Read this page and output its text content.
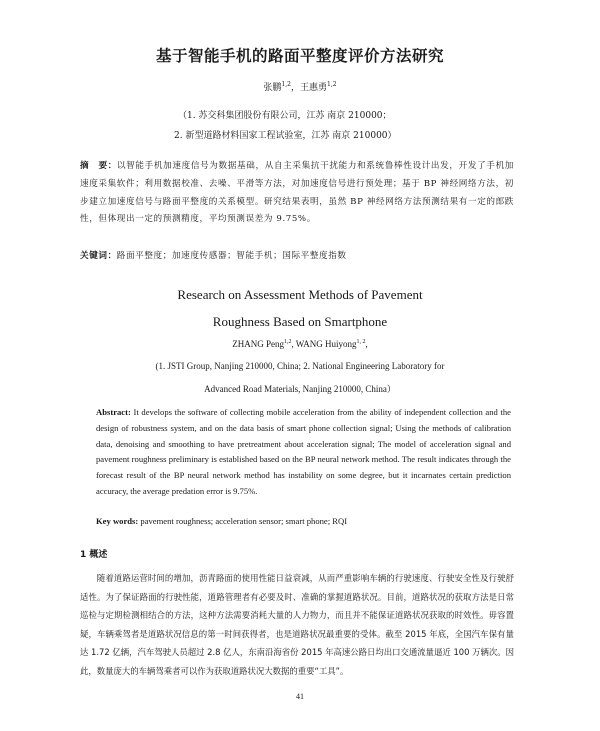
基于智能手机的路面平整度评价方法研究
张鹏$^{1,2}$，王惠勇$^{1,2}$
（1. 苏交科集团股份有限公司，江苏 南京 210000；
2. 新型道路材料国家工程试验室，江苏 南京 210000）
摘　要：以智能手机加速度信号为数据基础，从自主采集抗干扰能力和系统鲁棒性设计出发，开发了手机加速度采集软件；利用数据校准、去噪、平滑等方法，对加速度信号进行预处理；基于 BP 神经网络方法，初步建立加速度信号与路面平整度的关系模型。研究结果表明，虽然 BP 神经网络方法预测结果有一定的郎跌性，但体现出一定的预测精度，平均预测误差为 9.75%。
关键词：路面平整度；加速度传感器；智能手机；国际平整度指数
Research on Assessment Methods of Pavement
Roughness Based on Smartphone
ZHANG Peng$^{1,2}$, WANG Huiyong$^{1, 2}$,
(1. JSTI Group, Nanjing 210000, China; 2. National Engineering Laboratory for
Advanced Road Materials, Nanjing 210000, China）
Abstract: It develops the software of collecting mobile acceleration from the ability of independent collection and the design of robustness system, and on the data basis of smart phone collection signal; Using the methods of calibration data, denoising and smoothing to have pretreatment about acceleration signal; The model of acceleration signal and pavement roughness preliminary is established based on the BP neural network method. The result indicates through the forecast result of the BP neural network method has instability on some degree, but it incarnates certain prediction accuracy, the average predation error is 9.75%.
Key words: pavement roughness; acceleration sensor; smart phone; RQI
1 概述

随着道路运营时间的增加，沥青路面的使用性能日益衰减，从而严重影响车辆的行驶速度、行驶安全性及行驶舒适性。为了保证路面的行驶性能，道路管理者有必要及时、准确的掌握道路状况。目前，道路状况的获取方法是日常巡检与定期检测相结合的方法，这种方法需要消耗大量的人力物力，而且并不能保证道路状况获取的时效性。毋容置疑，车辆乘驾者是道路状况信息的第一时间获得者，也是道路状况最重要的受体。截至 2015 年底，全国汽车保有量达 1.72 亿辆，汽车驾驶人员超过 2.8 亿人，东南沿海省份 2015 年高速公路日均出口交通流量逼近 100 万辆次。因此，数量庞大的车辆驾乘者可以作为获取道路状况大数据的重要“工具”。

41
